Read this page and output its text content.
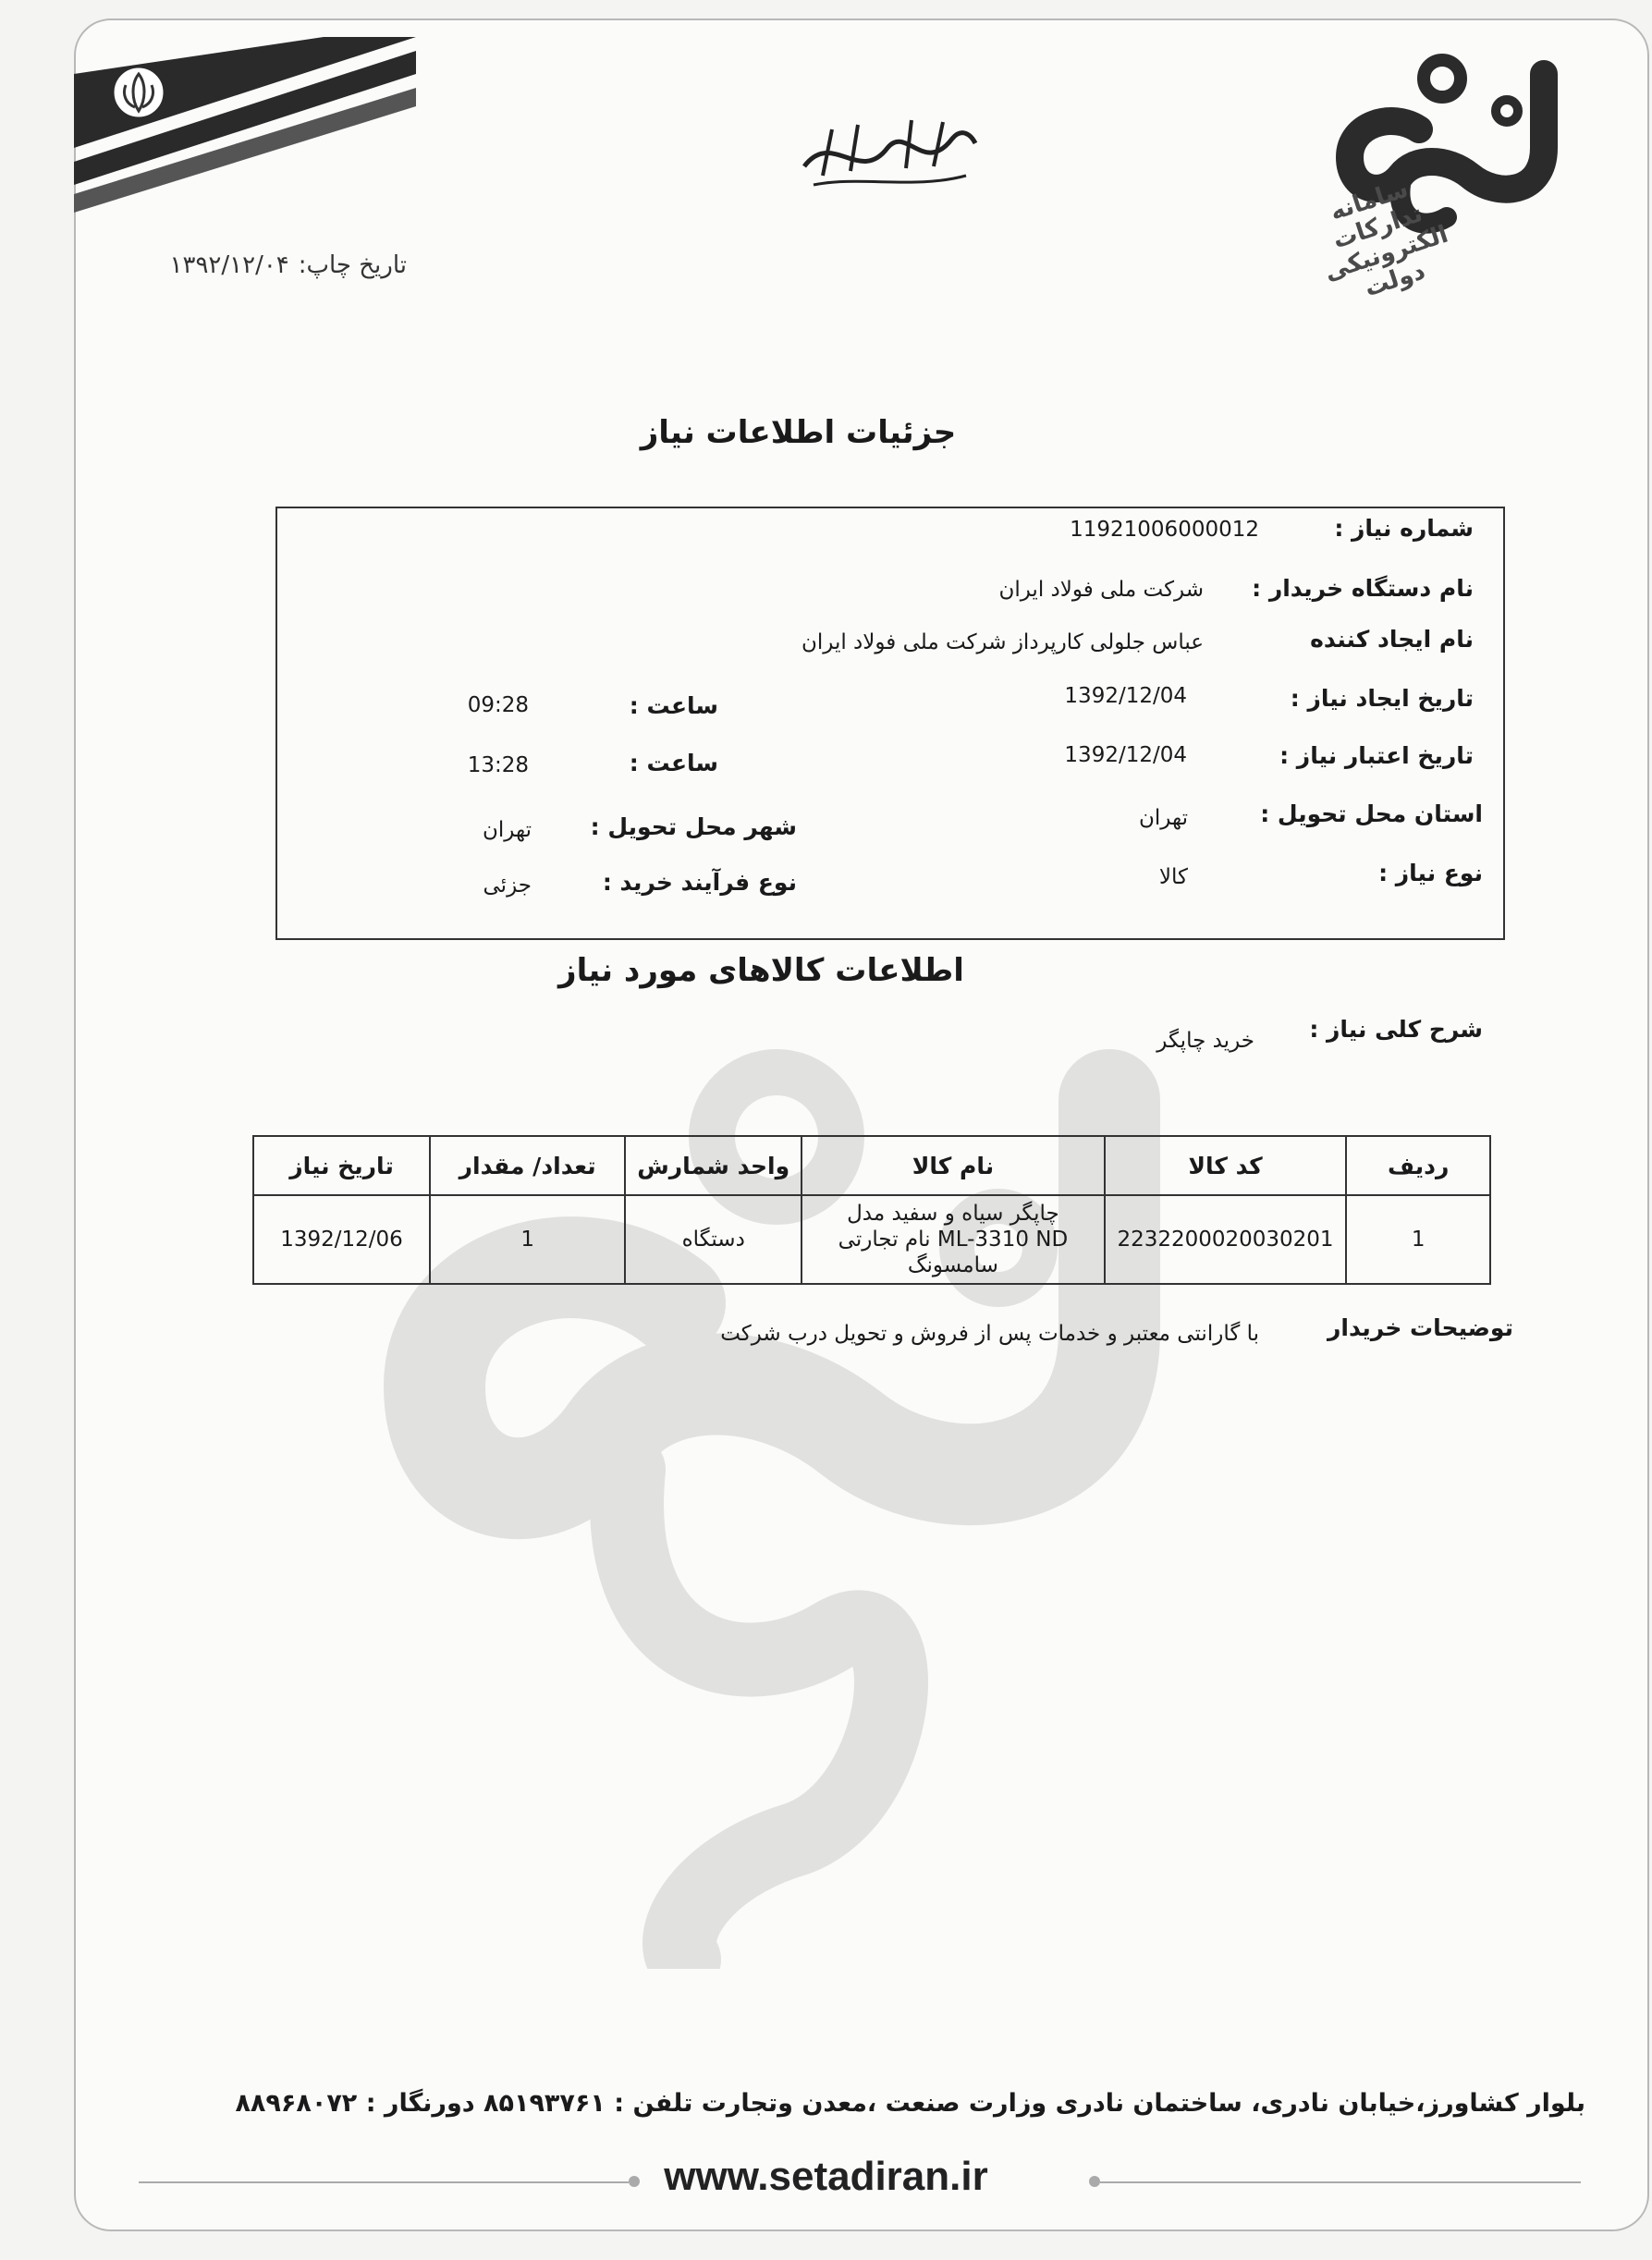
سامانه تدارکات الکترونیکی دولت
تاریخ چاپ:۱۳۹۲/۱۲/۰۴
جزئیات اطلاعات نیاز
شماره نیاز :
11921006000012
نام دستگاه خریدار :
شرکت ملی فولاد ایران
نام ایجاد کننده
عباس جلولی کارپرداز شرکت ملی فولاد ایران
تاریخ ایجاد نیاز :
1392/12/04
ساعت :
09:28
تاریخ اعتبار نیاز :
1392/12/04
ساعت :
13:28
استان محل تحویل :
تهران
شهر محل تحویل :
تهران
نوع نیاز :
کالا
نوع فرآیند خرید :
جزئی
اطلاعات کالاهای مورد نیاز
شرح کلی نیاز :
خرید چاپگر
ردیف	کد کالا	نام کالا	واحد شمارش	تعداد/ مقدار	تاریخ نیاز
1	2232200020030201	چاپگر سیاه و سفید مدل
ML-3310 ND نام تجارتی
سامسونگ	دستگاه	1	1392/12/06
توضیحات خریدار
با گارانتی معتبر و خدمات پس از فروش و تحویل درب شرکت
بلوار کشاورز،خیابان نادری، ساختمان نادری وزارت صنعت ،معدن وتجارت تلفن : ۸۵۱۹۳۷۶۱ دورنگار : ۸۸۹۶۸۰۷۲
www.setadiran.ir
